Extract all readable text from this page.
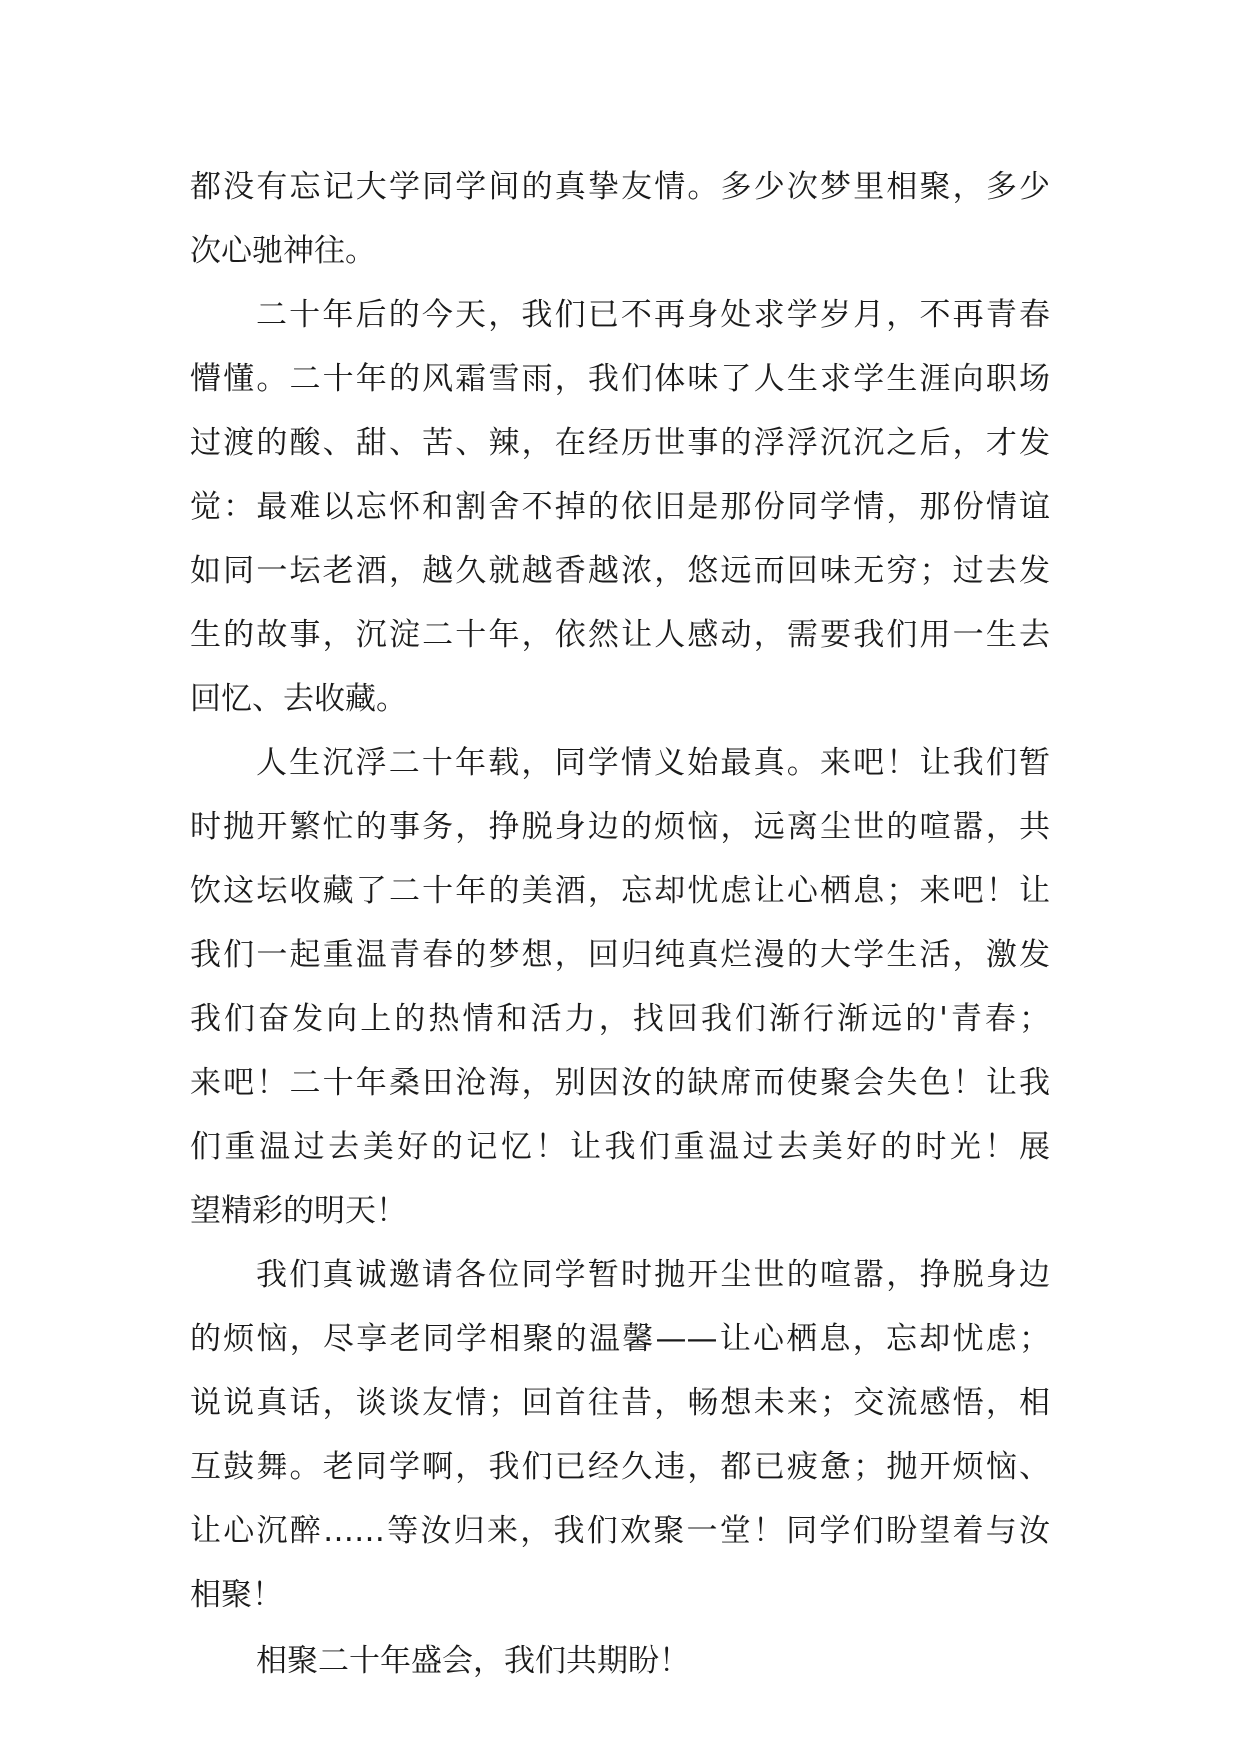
都没有忘记大学同学间的真挚友情。多少次梦里相聚，多少
次心驰神往。
二十年后的今天，我们已不再身处求学岁月，不再青春
懵懂。二十年的风霜雪雨，我们体味了人生求学生涯向职场
过渡的酸、甜、苦、辣，在经历世事的浮浮沉沉之后，才发
觉：最难以忘怀和割舍不掉的依旧是那份同学情，那份情谊
如同一坛老酒，越久就越香越浓，悠远而回味无穷；过去发
生的故事，沉淀二十年，依然让人感动，需要我们用一生去
回忆、去收藏。
人生沉浮二十年载，同学情义始最真。来吧！让我们暂
时抛开繁忙的事务，挣脱身边的烦恼，远离尘世的喧嚣，共
饮这坛收藏了二十年的美酒，忘却忧虑让心栖息；来吧！让
我们一起重温青春的梦想，回归纯真烂漫的大学生活，激发
我们奋发向上的热情和活力，找回我们渐行渐远的'青春；
来吧！二十年桑田沧海，别因汝的缺席而使聚会失色！让我
们重温过去美好的记忆！让我们重温过去美好的时光！展
望精彩的明天！
我们真诚邀请各位同学暂时抛开尘世的喧嚣，挣脱身边
的烦恼，尽享老同学相聚的温馨——让心栖息，忘却忧虑；
说说真话，谈谈友情；回首往昔，畅想未来；交流感悟，相
互鼓舞。老同学啊，我们已经久违，都已疲惫；抛开烦恼、
让心沉醉……等汝归来，我们欢聚一堂！同学们盼望着与汝
相聚！
相聚二十年盛会，我们共期盼！
